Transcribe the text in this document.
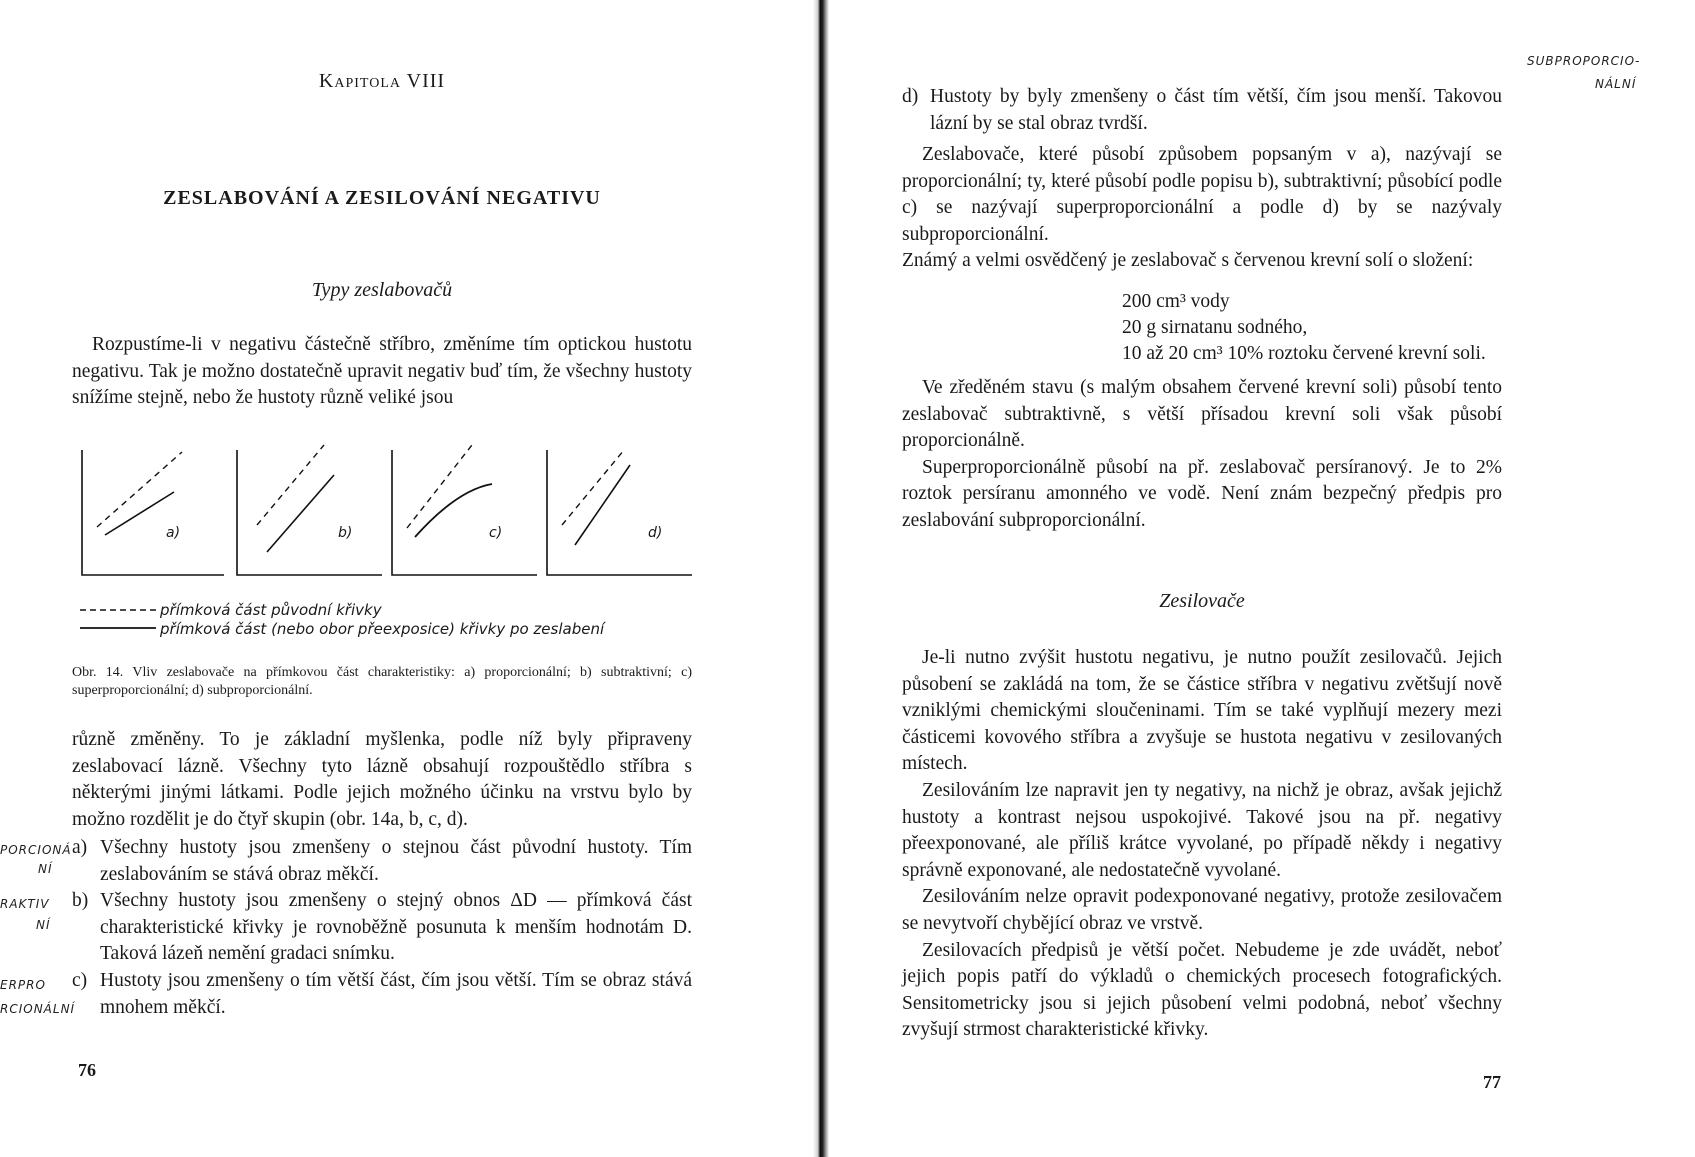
Kapitola VIII
ZESLABOVÁNÍ A ZESILOVÁNÍ NEGATIVU
Typy zeslabovačů

Rozpustíme-li v negativu částečně stříbro, změníme tím optickou hustotu negativu. Tak je možno dostatečně upravit negativ buď tím, že všechny hustoty snížíme stejně, nebo že hustoty různě veliké jsou

a)	b)	c)	d)
přímková část původní křivky
přímková část (nebo obor přeexposice) křivky po zeslabení
Obr. 14. Vliv zeslabovače na přímkovou část charakteristiky: a) proporcionální; b) subtraktivní; c) superproporcionální; d) subproporcionální.

různě změněny. To je základní myšlenka, podle níž byly připraveny zeslabovací lázně. Všechny tyto lázně obsahují rozpouštědlo stříbra s některými jinými látkami. Podle jejich možného účinku na vrstvu bylo by možno rozdělit je do čtyř skupin (obr. 14a, b, c, d).

a) Všechny hustoty jsou zmenšeny o stejnou část původní hustoty. Tím zeslabováním se stává obraz měkčí.
b) Všechny hustoty jsou zmenšeny o stejný obnos ΔD — přímková část charakteristické křivky je rovnoběžně posunuta k menším hodnotám D. Taková lázeň nemění gradaci snímku.
c) Hustoty jsou zmenšeny o tím větší část, čím jsou větší. Tím se obraz stává mnohem měkčí.
PORCIONÁ
NÍ
RAKTIV
NÍ
ERPRO
RCIONÁLNÍ
76
SUBPROPORCIO-
NÁLNÍ
d) Hustoty by byly zmenšeny o část tím větší, čím jsou menší. Takovou lázní by se stal obraz tvrdší.

Zeslabovače, které působí způsobem popsaným v a), nazývají se proporcionální; ty, které působí podle popisu b), subtraktivní; působící podle c) se nazývají superproporcionální a podle d) by se nazývaly subproporcionální.

Známý a velmi osvědčený je zeslabovač s červenou krevní solí o složení:

200 cm³ vody
20 g sirnatanu sodného,
10 až 20 cm³ 10% roztoku červené krevní soli.

Ve zředěném stavu (s malým obsahem červené krevní soli) působí tento zeslabovač subtraktivně, s větší přísadou krevní soli však působí proporcionálně.

Superproporcionálně působí na př. zeslabovač persíranový. Je to 2% roztok persíranu amonného ve vodě. Není znám bezpečný předpis pro zeslabování subproporcionální.

Zesilovače

Je-li nutno zvýšit hustotu negativu, je nutno použít zesilovačů. Jejich působení se zakládá na tom, že se částice stříbra v negativu zvětšují nově vzniklými chemickými sloučeninami. Tím se také vyplňují mezery mezi částicemi kovového stříbra a zvyšuje se hustota negativu v zesilovaných místech.

Zesilováním lze napravit jen ty negativy, na nichž je obraz, avšak jejichž hustoty a kontrast nejsou uspokojivé. Takové jsou na př. negativy přeexponované, ale příliš krátce vyvolané, po případě někdy i negativy správně exponované, ale nedostatečně vyvolané.

Zesilováním nelze opravit podexponované negativy, protože zesilovačem se nevytvoří chybějící obraz ve vrstvě.

Zesilovacích předpisů je větší počet. Nebudeme je zde uvádět, neboť jejich popis patří do výkladů o chemických procesech fotografických. Sensitometricky jsou si jejich působení velmi podobná, neboť všechny zvyšují strmost charakteristické křivky.

77
